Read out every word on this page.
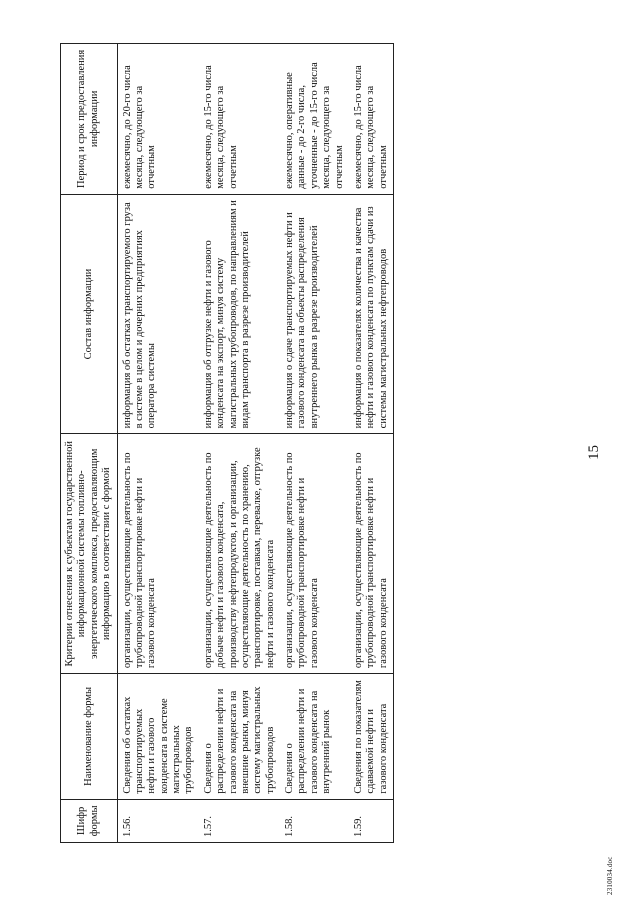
15
Шифр формы	Наименование формы	Критерии отнесения к субъектам государственной информационной системы топливно-энергетического комплекса, предоставляющим информацию в соответствии с формой	Состав информации	Период и срок предоставления информации
1.56.	Сведения об остатках транспортируемых нефти и газового конденсата в системе магистральных трубопроводов	организации, осуществляющие деятельность по трубопроводной транспортировке нефти и газового конденсата	информация об остатках транспортируемого груза в системе в целом и дочерних предприятиях оператора системы	ежемесячно, до 20-го числа месяца, следующего за отчетным
1.57.	Сведения о распределении нефти и газового конденсата на внешние рынки, минуя систему магистральных трубопроводов	организации, осуществляющие деятельность по добыче нефти и газового конденсата, производству нефтепродуктов, и организации, осуществляющие деятельность по хранению, транспортировке, поставкам, перевалке, отгрузке нефти и газового конденсата	информация об отгрузке нефти и газового конденсата на экспорт, минуя систему магистральных трубопроводов, по направлениям и видам транспорта в разрезе производителей	ежемесячно, до 15-го числа месяца, следующего за отчетным
1.58.	Сведения о распределении нефти и газового конденсата на внутренний рынок	организации, осуществляющие деятельность по трубопроводной транспортировке нефти и газового конденсата	информация о сдаче транспортируемых нефти и газового конденсата на объекты распределения внутреннего рынка в разрезе производителей	ежемесячно, оперативные данные - до 2-го числа, уточненные - до 15-го числа месяца, следующего за отчетным
1.59.	Сведения по показателям сдаваемой нефти и газового конденсата	организации, осуществляющие деятельность по трубопроводной транспортировке нефти и газового конденсата	информация о показателях количества и качества нефти и газового конденсата по пунктам сдачи из системы магистральных нефтепроводов	ежемесячно, до 15-го числа месяца, следующего за отчетным
2310034.doc
